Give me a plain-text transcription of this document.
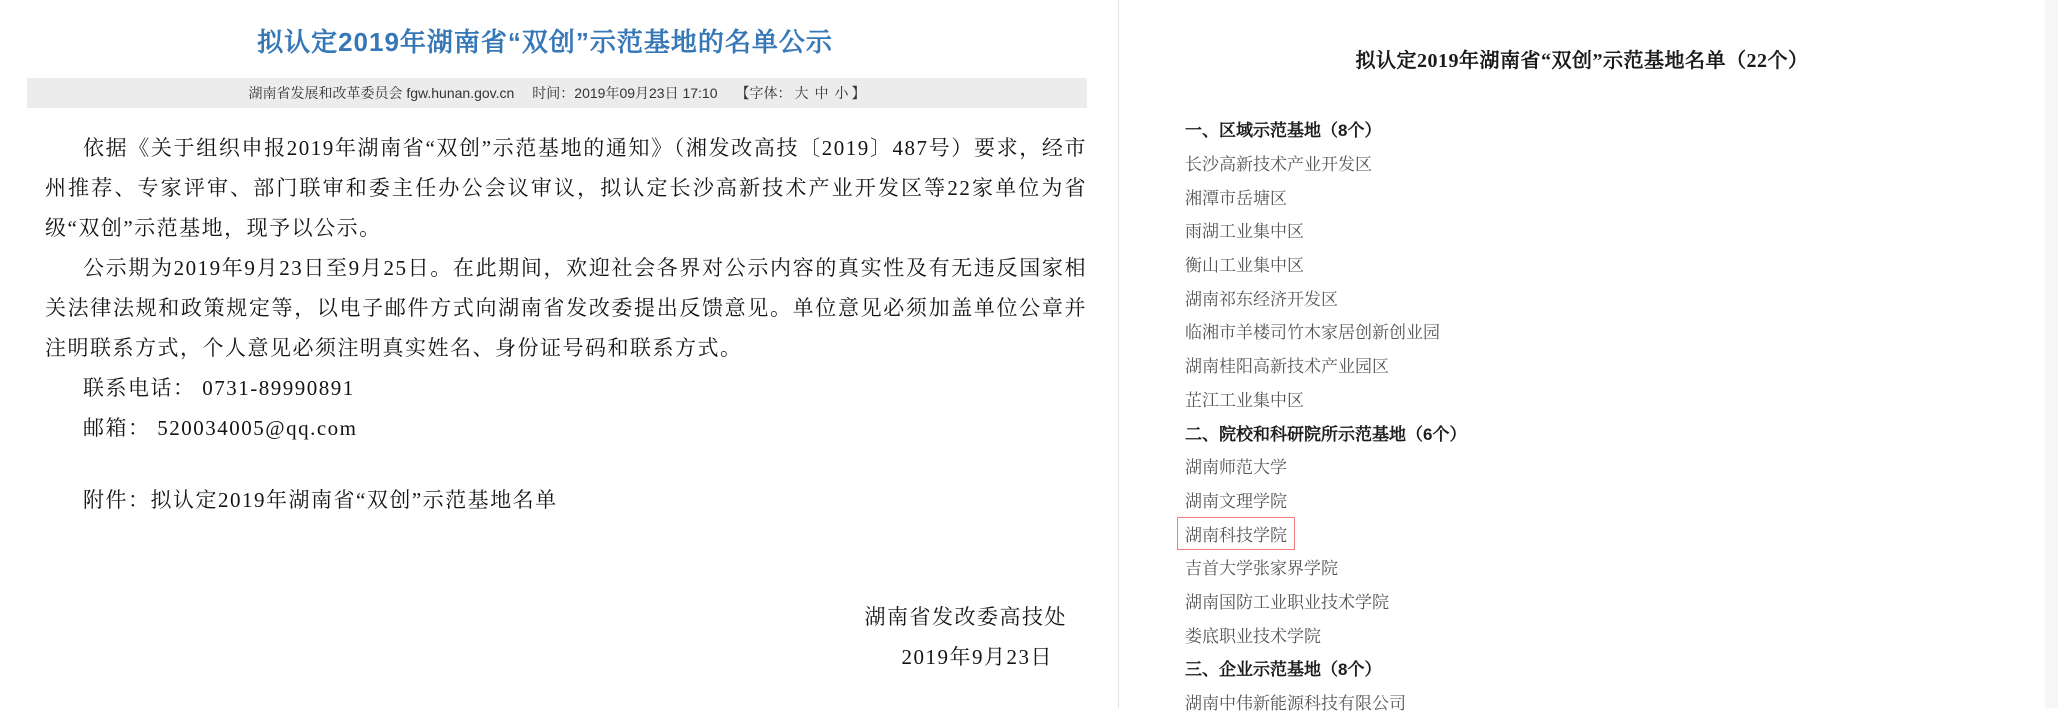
拟认定2019年湖南省“双创”示范基地的名单公示
湖南省发展和改革委员会 fgw.hunan.gov.cn 时间：2019年09月23日 17:10 【字体： 大 中 小 】

依据《关于组织申报2019年湖南省“双创”示范基地的通知》（湘发改高技〔2019〕487号）要求，经市州推荐、专家评审、部门联审和委主任办公会议审议，拟认定长沙高新技术产业开发区等22家单位为省级“双创”示范基地，现予以公示。

公示期为2019年9月23日至9月25日。在此期间，欢迎社会各界对公示内容的真实性及有无违反国家相关法律法规和政策规定等，以电子邮件方式向湖南省发改委提出反馈意见。单位意见必须加盖单位公章并注明联系方式，个人意见必须注明真实姓名、身份证号码和联系方式。

联系电话： 0731-89990891
邮箱： 520034005@qq.com
附件：拟认定2019年湖南省“双创”示范基地名单
湖南省发改委高技处
2019年9月23日
拟认定2019年湖南省“双创”示范基地名单（22个）
一、区域示范基地（8个）
长沙高新技术产业开发区
湘潭市岳塘区
雨湖工业集中区
衡山工业集中区
湖南祁东经济开发区
临湘市羊楼司竹木家居创新创业园
湖南桂阳高新技术产业园区
芷江工业集中区
二、院校和科研院所示范基地（6个）
湖南师范大学
湖南文理学院
湖南科技学院
吉首大学张家界学院
湖南国防工业职业技术学院
娄底职业技术学院
三、企业示范基地（8个）
湖南中伟新能源科技有限公司
